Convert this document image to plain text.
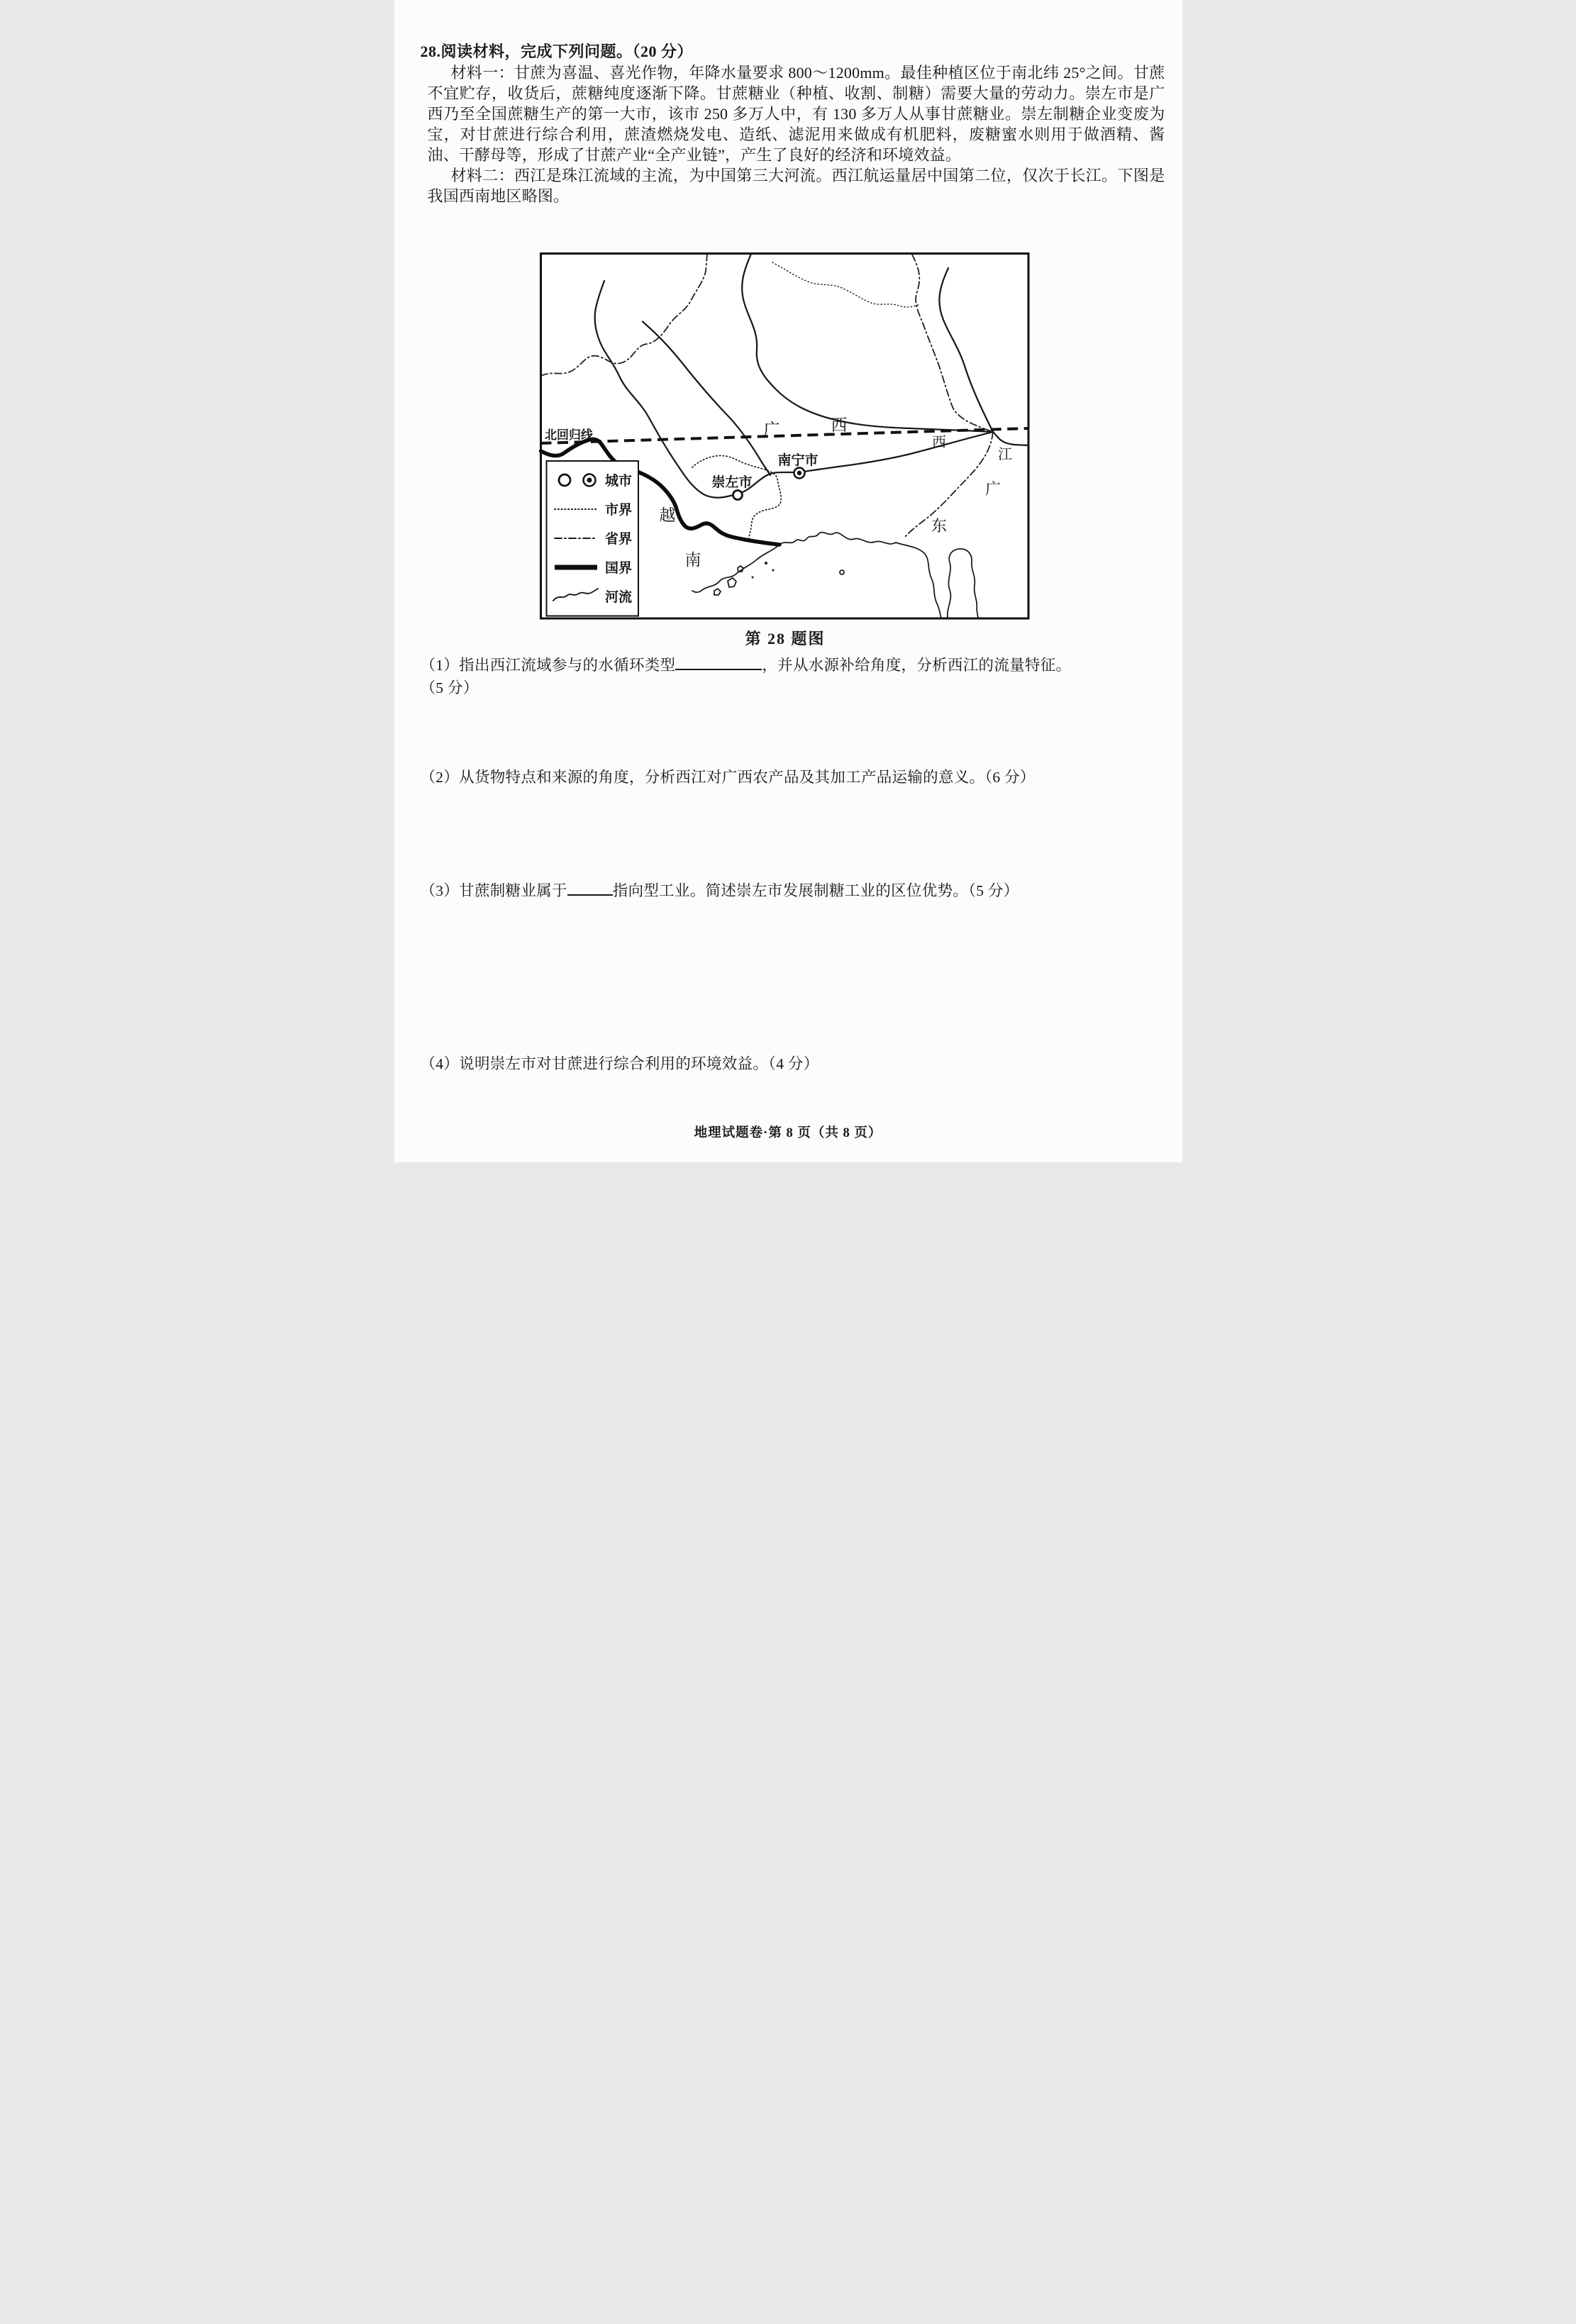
28.阅读材料，完成下列问题。（20 分）

材料一：甘蔗为喜温、喜光作物，年降水量要求 800～1200mm。最佳种植区位于南北纬 25°之间。甘蔗不宜贮存，收货后，蔗糖纯度逐渐下降。甘蔗糖业（种植、收割、制糖）需要大量的劳动力。崇左市是广西乃至全国蔗糖生产的第一大市，该市 250 多万人中，有 130 多万人从事甘蔗糖业。崇左制糖企业变废为宝，对甘蔗进行综合利用，蔗渣燃烧发电、造纸、滤泥用来做成有机肥料，废糖蜜水则用于做酒精、酱油、干酵母等，形成了甘蔗产业“全产业链”，产生了良好的经济和环境效益。

材料二：西江是珠江流域的主流，为中国第三大河流。西江航运量居中国第二位，仅次于长江。下图是我国西南地区略图。

北回归线	广 西
西
江
广
东
越
南
南宁市
崇左市
城市
市界
省界
国界
河流
第 28 题图
（1）指出西江流域参与的水循环类型	，并从水源补给角度，分析西江的流量特征。
（5 分）
（2）从货物特点和来源的角度，分析西江对广西农产品及其加工产品运输的意义。（6 分）
（3）甘蔗制糖业属于	指向型工业。简述崇左市发展制糖工业的区位优势。（5 分）
（4）说明崇左市对甘蔗进行综合利用的环境效益。（4 分）
地理试题卷·第 8 页（共 8 页）
